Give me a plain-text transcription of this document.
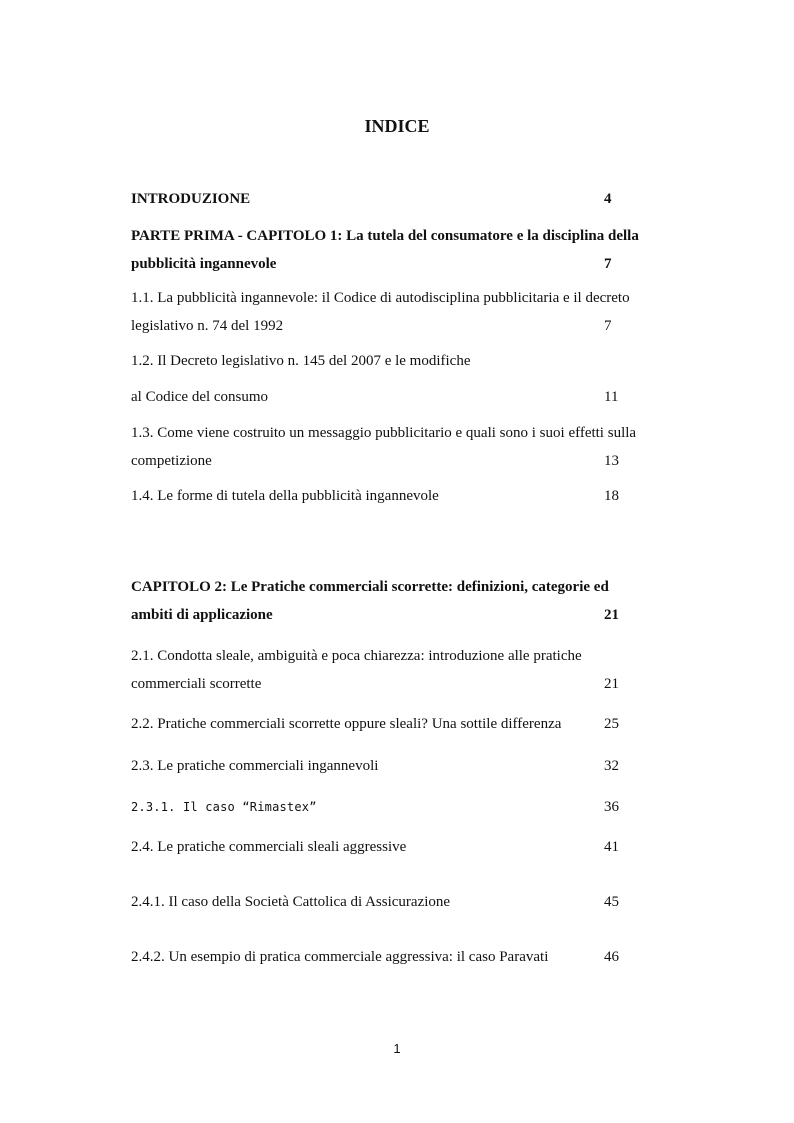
INDICE
INTRODUZIONE	4
PARTE PRIMA - CAPITOLO 1: La tutela del consumatore e la disciplina della
pubblicità ingannevole	7
1.1. La pubblicità ingannevole: il Codice di autodisciplina pubblicitaria e il decreto
legislativo n. 74 del 1992	7
1.2. Il Decreto legislativo n. 145 del 2007 e le modifiche
al Codice del consumo	11
1.3. Come viene costruito un messaggio pubblicitario e quali sono i suoi effetti sulla
competizione	13
1.4. Le forme di tutela della pubblicità ingannevole	18
CAPITOLO 2: Le Pratiche commerciali scorrette: definizioni, categorie ed
ambiti di applicazione	21
2.1. Condotta sleale, ambiguità e poca chiarezza: introduzione alle pratiche
commerciali scorrette	21
2.2. Pratiche commerciali scorrette oppure sleali? Una sottile differenza	25
2.3. Le pratiche commerciali ingannevoli	32
2.3.1. Il caso “Rimastex”	36
2.4. Le pratiche commerciali sleali aggressive	41
2.4.1. Il caso della Società Cattolica di Assicurazione	45
2.4.2. Un esempio di pratica commerciale aggressiva: il caso Paravati	46
1
